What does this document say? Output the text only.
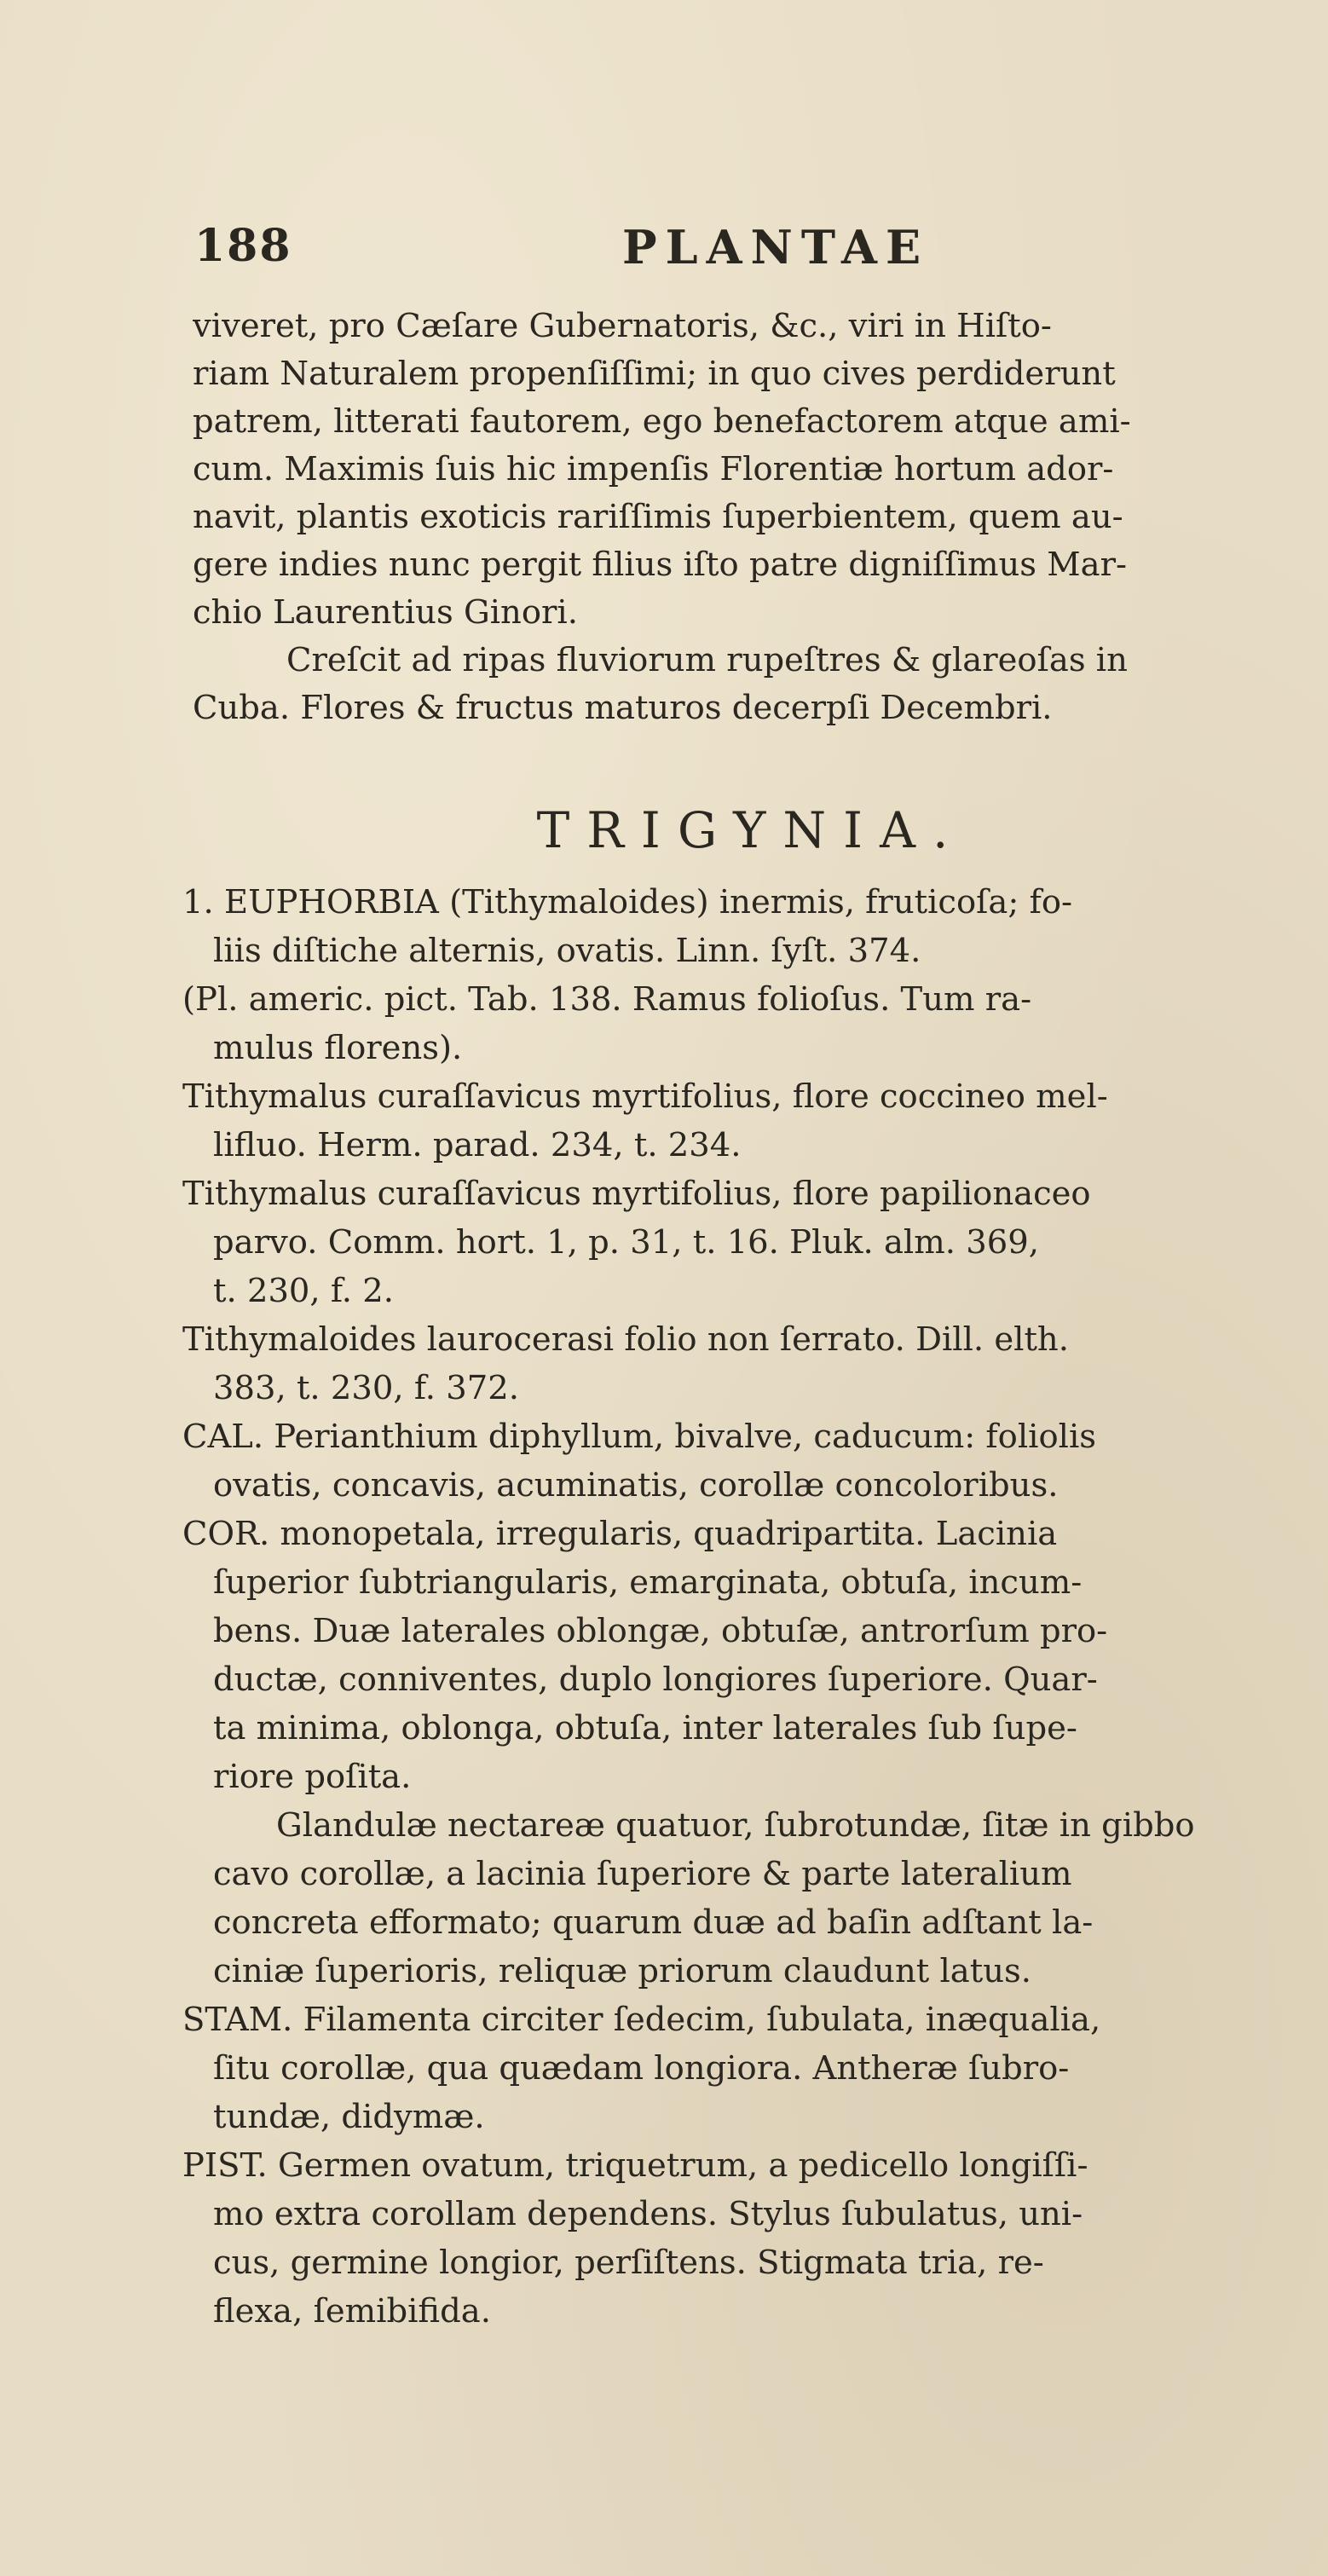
188	PLANTAE
viveret, pro Cæſare Gubernatoris, &c., viri in Hiſto-
riam Naturalem propenſiſſimi; in quo cives perdiderunt
patrem, litterati fautorem, ego benefactorem atque ami-
cum. Maximis ſuis hic impenſis Florentiæ hortum ador-
navit, plantis exoticis rariſſimis ſuperbientem, quem au-
gere indies nunc pergit filius iſto patre digniſſimus Mar-
chio Laurentius Ginori.
Creſcit ad ripas fluviorum rupeſtres & glareoſas in
Cuba. Flores & fructus maturos decerpſi Decembri.
TRIGYNIA.
1. EUPHORBIA (Tithymaloides) inermis, fruticoſa; fo-
liis diſtiche alternis, ovatis. Linn. ſyſt. 374.
(Pl. americ. pict. Tab. 138. Ramus folioſus. Tum ra-
mulus florens).
Tithymalus curaſſavicus myrtifolius, flore coccineo mel-
lifluo. Herm. parad. 234, t. 234.
Tithymalus curaſſavicus myrtifolius, flore papilionaceo
parvo. Comm. hort. 1, p. 31, t. 16. Pluk. alm. 369,
t. 230, f. 2.
Tithymaloides laurocerasi folio non ſerrato. Dill. elth.
383, t. 230, f. 372.
CAL. Perianthium diphyllum, bivalve, caducum: foliolis
ovatis, concavis, acuminatis, corollæ concoloribus.
COR. monopetala, irregularis, quadripartita. Lacinia
ſuperior ſubtriangularis, emarginata, obtuſa, incum-
bens. Duæ laterales oblongæ, obtuſæ, antrorſum pro-
ductæ, conniventes, duplo longiores ſuperiore. Quar-
ta minima, oblonga, obtuſa, inter laterales ſub ſupe-
riore poſita.
Glandulæ nectareæ quatuor, ſubrotundæ, ſitæ in gibbo
cavo corollæ, a lacinia ſuperiore & parte lateralium
concreta efformato; quarum duæ ad baſin adſtant la-
ciniæ ſuperioris, reliquæ priorum claudunt latus.
STAM. Filamenta circiter ſedecim, ſubulata, inæqualia,
ſitu corollæ, qua quædam longiora. Antheræ ſubro-
tundæ, didymæ.
PIST. Germen ovatum, triquetrum, a pedicello longiſſi-
mo extra corollam dependens. Stylus ſubulatus, uni-
cus, germine longior, perſiſtens. Stigmata tria, re-
flexa, ſemibifida.
